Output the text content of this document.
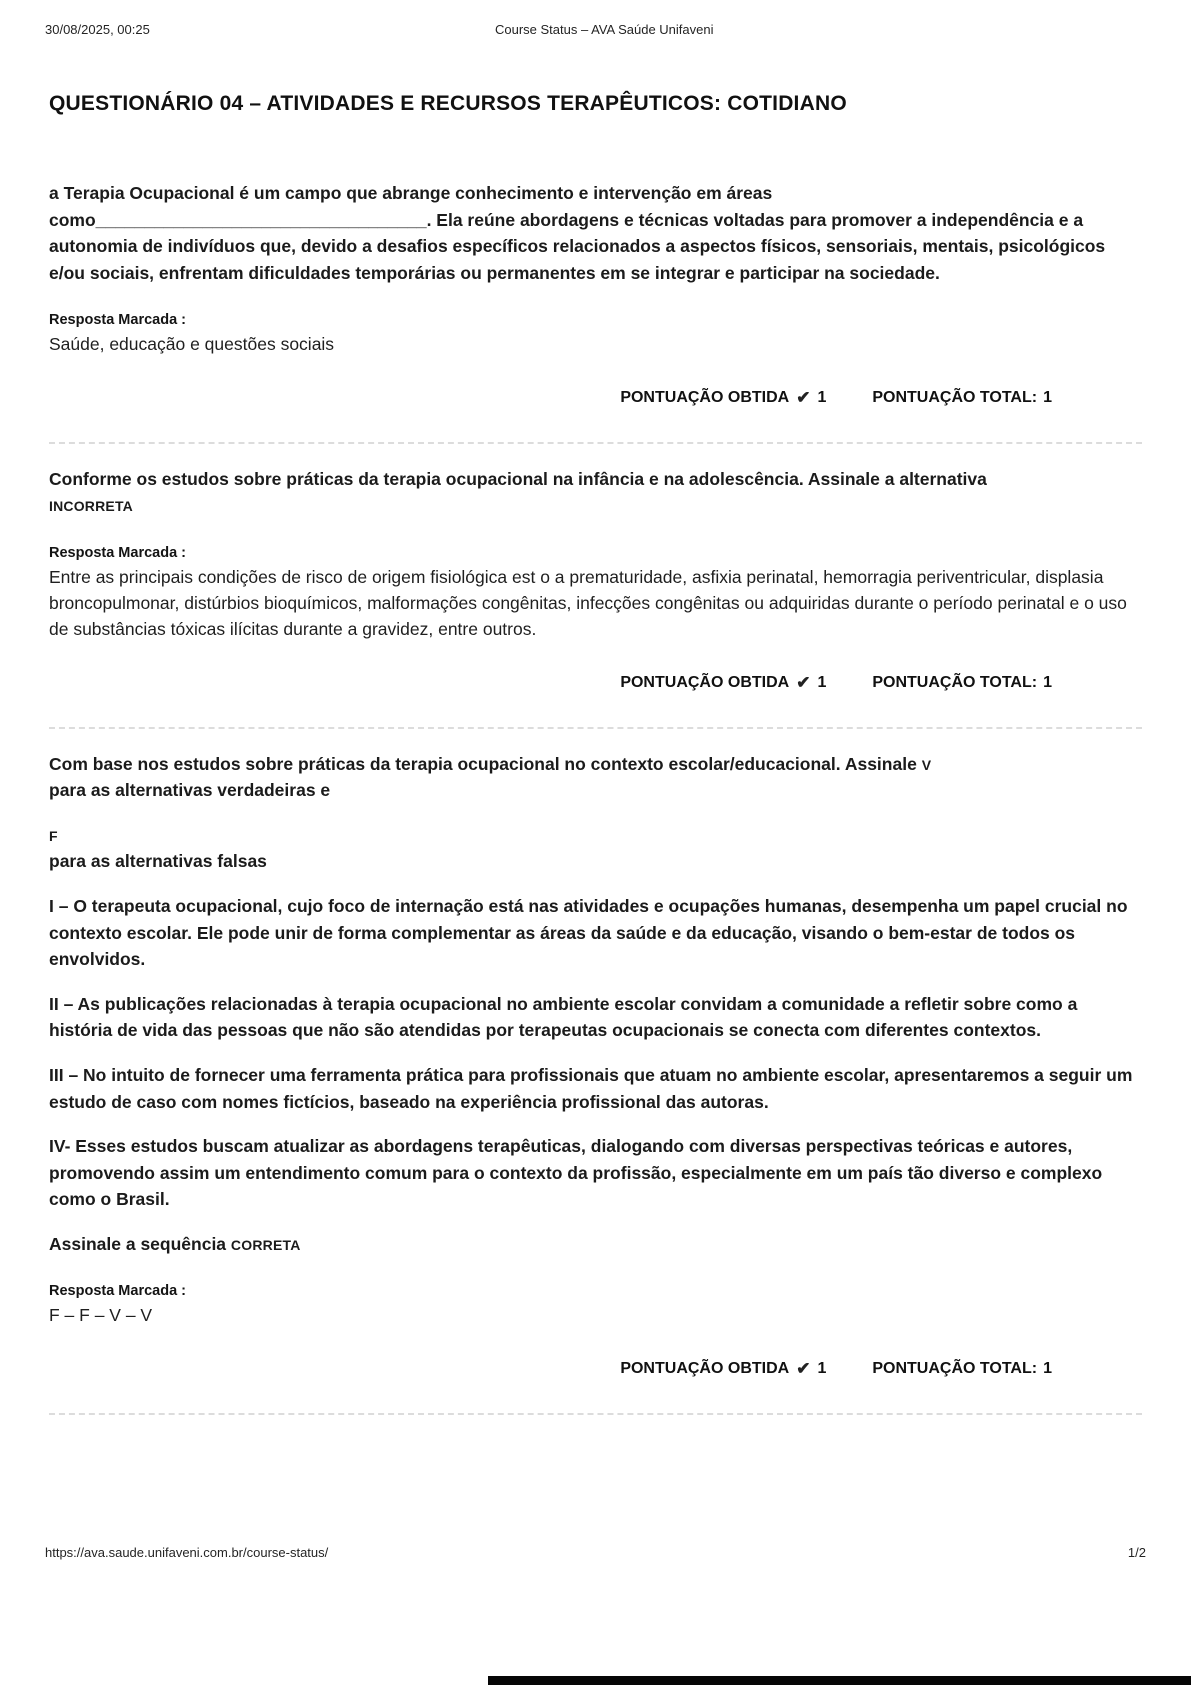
30/08/2025, 00:25	Course Status – AVA Saúde Unifaveni
QUESTIONÁRIO 04 – ATIVIDADES E RECURSOS TERAPÊUTICOS: COTIDIANO

a Terapia Ocupacional é um campo que abrange conhecimento e intervenção em áreas como__________________________________. Ela reúne abordagens e técnicas voltadas para promover a independência e a autonomia de indivíduos que, devido a desafios específicos relacionados a aspectos físicos, sensoriais, mentais, psicológicos e/ou sociais, enfrentam dificuldades temporárias ou permanentes em se integrar e participar na sociedade.

Resposta Marcada :

Saúde, educação e questões sociais

PONTUAÇÃO OBTIDA ✔ 1	PONTUAÇÃO TOTAL: 1

Conforme os estudos sobre práticas da terapia ocupacional na infância e na adolescência. Assinale a alternativa
INCORRETA

Resposta Marcada :

Entre as principais condições de risco de origem fisiológica est o a prematuridade, asfixia perinatal, hemorragia periventricular, displasia broncopulmonar, distúrbios bioquímicos, malformações congênitas, infecções congênitas ou adquiridas durante o período perinatal e o uso de substâncias tóxicas ilícitas durante a gravidez, entre outros.

PONTUAÇÃO OBTIDA ✔ 1	PONTUAÇÃO TOTAL: 1

Com base nos estudos sobre práticas da terapia ocupacional no contexto escolar/educacional. Assinale V
para as alternativas verdadeiras e

F
para as alternativas falsas

I – O terapeuta ocupacional, cujo foco de internação está nas atividades e ocupações humanas, desempenha um papel crucial no contexto escolar. Ele pode unir de forma complementar as áreas da saúde e da educação, visando o bem-estar de todos os envolvidos.

II – As publicações relacionadas à terapia ocupacional no ambiente escolar convidam a comunidade a refletir sobre como a história de vida das pessoas que não são atendidas por terapeutas ocupacionais se conecta com diferentes contextos.

III – No intuito de fornecer uma ferramenta prática para profissionais que atuam no ambiente escolar, apresentaremos a seguir um estudo de caso com nomes fictícios, baseado na experiência profissional das autoras.

IV- Esses estudos buscam atualizar as abordagens terapêuticas, dialogando com diversas perspectivas teóricas e autores, promovendo assim um entendimento comum para o contexto da profissão, especialmente em um país tão diverso e complexo como o Brasil.

Assinale a sequência CORRETA

Resposta Marcada :

F – F – V – V

PONTUAÇÃO OBTIDA ✔ 1	PONTUAÇÃO TOTAL: 1
https://ava.saude.unifaveni.com.br/course-status/	1/2
